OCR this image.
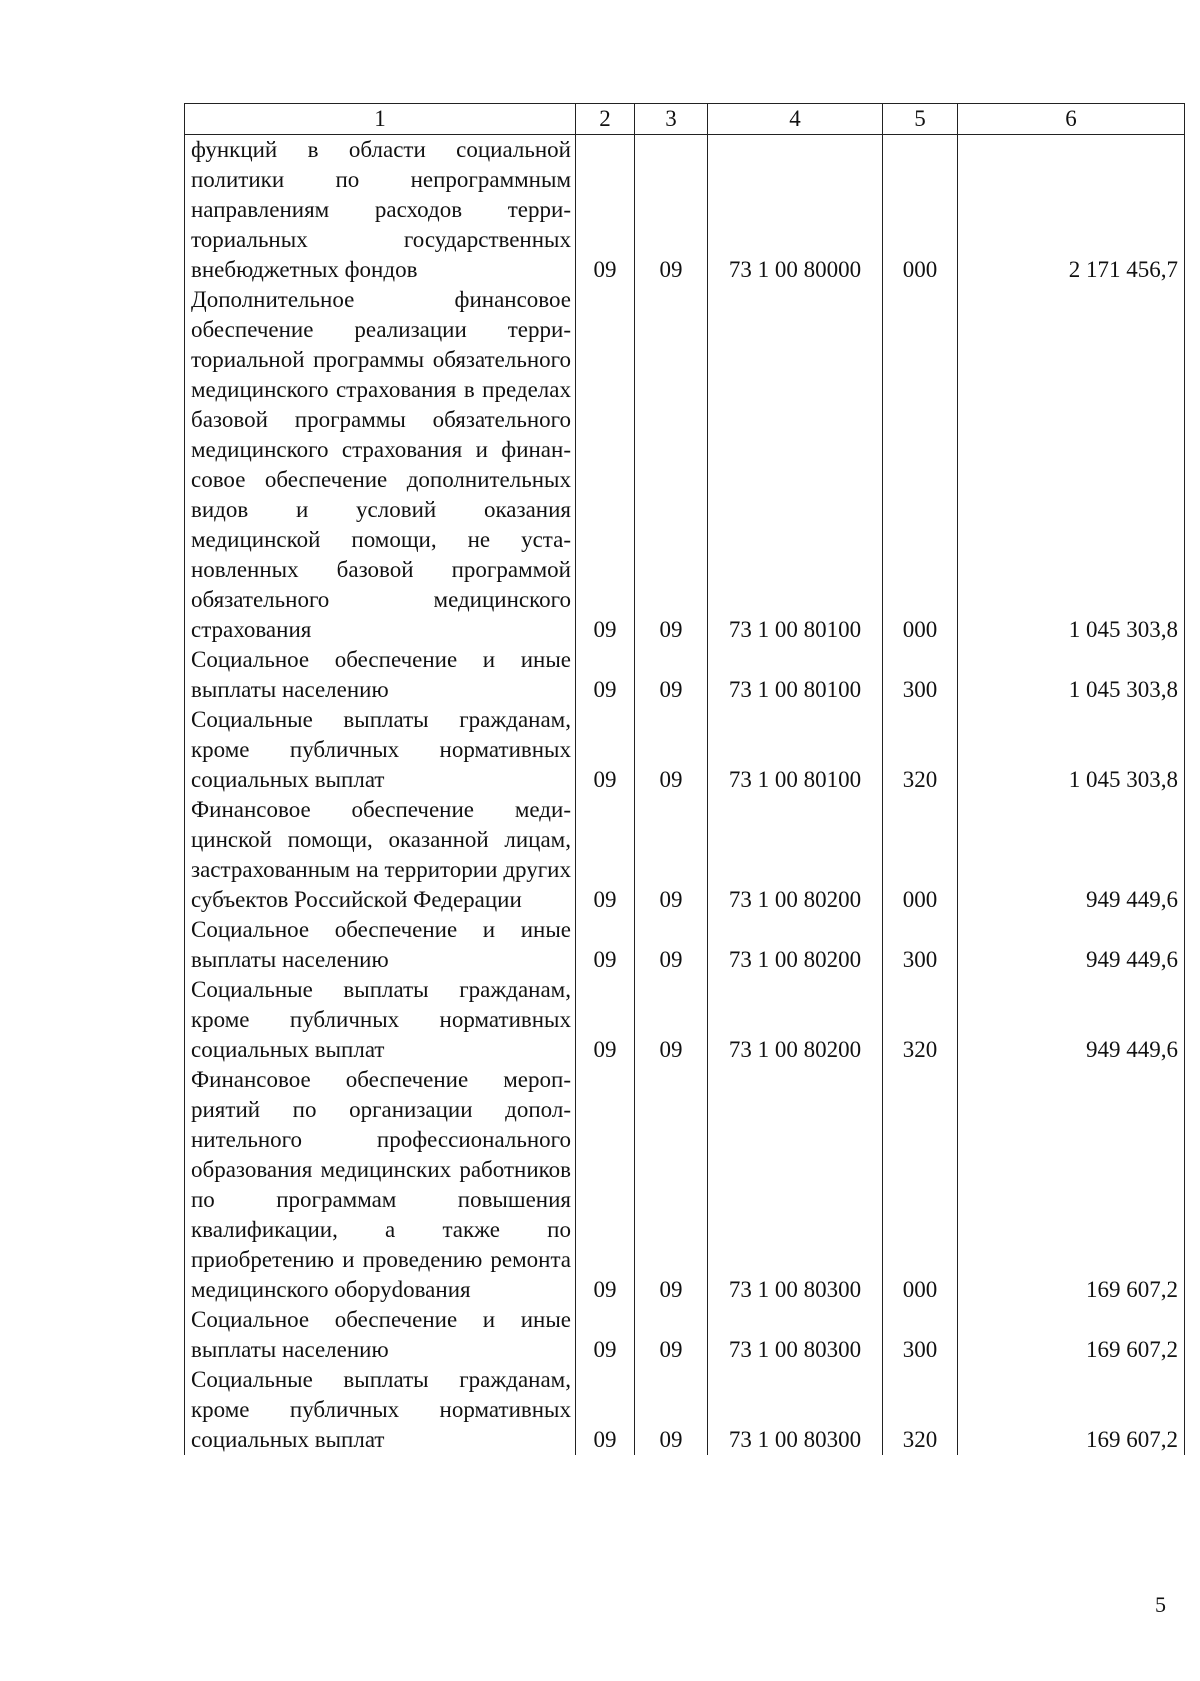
1	2	3	4	5	6
функций в области социальной политики по непрограммным направлениям расходов территориальных государственных внебюджетных фондов	09	09	73 1 00 80000	000	2 171 456,7
Дополнительное финансовое обеспечение реализации территориальной программы обязательного медицинского страхования в пределах базовой программы обязательного медицинского страхования и финансовое обеспечение дополнительных видов и условий оказания медицинской помощи, не установленных базовой программой обязательного медицинского страхования	09	09	73 1 00 80100	000	1 045 303,8
Социальное обеспечение и иные выплаты населению	09	09	73 1 00 80100	300	1 045 303,8
Социальные выплаты гражданам, кроме публичных нормативных социальных выплат	09	09	73 1 00 80100	320	1 045 303,8
Финансовое обеспечение медицинской помощи, оказанной лицам, застрахованным на территории других субъектов Российской Федерации	09	09	73 1 00 80200	000	949 449,6
Социальное обеспечение и иные выплаты населению	09	09	73 1 00 80200	300	949 449,6
Социальные выплаты гражданам, кроме публичных нормативных социальных выплат	09	09	73 1 00 80200	320	949 449,6
Финансовое обеспечение мероприятий по организации дополнительного профессионального образования медицинских работников по программам повышения квалификации, а также по приобретению и проведению ремонта медицинского оборуdования	09	09	73 1 00 80300	000	169 607,2
Социальное обеспечение и иные выплаты населению	09	09	73 1 00 80300	300	169 607,2
Социальные выплаты гражданам, кроме публичных нормативных социальных выплат	09	09	73 1 00 80300	320	169 607,2
5
